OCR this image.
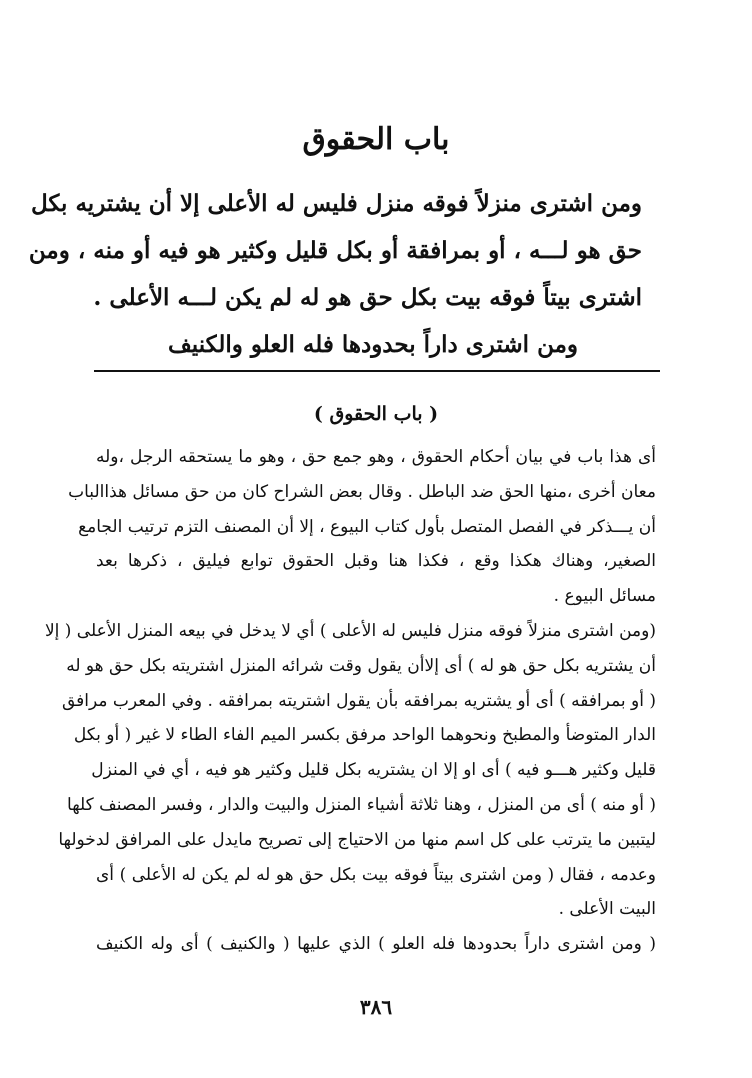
باب الحقوق
ومن اشترى منزلاً فوقه منزل فليس له الأعلى إلا أن يشتريه بكل
حق هو لـــه ، أو بمرافقة أو بكل قليل وكثير هو فيه أو منه ، ومن
اشترى بيتاً فوقه بيت بكل حق هو له لم يكن لـــه الأعلى .
ومن اشترى داراً بحدودها فله العلو والكنيف
( باب الحقوق )
أى هذا باب في بيان أحكام الحقوق ، وهو جمع حق ، وهو ما يستحقه الرجل ،وله
معان أخرى ،منها الحق ضد الباطل . وقال بعض الشراح كان من حق مسائل هذاالباب
أن يـــذكر في الفصل المتصل بأول كتاب البيوع ، إلا أن المصنف التزم ترتيب الجامع
الصغير، وهناك هكذا وقع ، فكذا هنا وقبل الحقوق توابع فيليق ، ذكرها بعد
مسائل البيوع .
(ومن اشترى منزلاً فوقه منزل فليس له الأعلى ) أي لا يدخل في بيعه المنزل الأعلى ( إلا
أن يشتريه بكل حق هو له ) أى إلاأن يقول وقت شرائه المنزل اشتريته بكل حق هو له
( أو بمرافقه ) أى أو يشتريه بمرافقه بأن يقول اشتريته بمرافقه . وفي المعرب مرافق
الدار المتوضأ والمطبخ ونحوهما الواحد مرفق بكسر الميم الفاء الطاء لا غير ( أو بكل
قليل وكثير هـــو فيه ) أى او إلا ان يشتريه بكل قليل وكثير هو فيه ، أي في المنزل
( أو منه ) أى من المنزل ، وهنا ثلاثة أشياء المنزل والبيت والدار ، وفسر المصنف كلها
ليتبين ما يترتب على كل اسم منها من الاحتياج إلى تصريح مايدل على المرافق لدخولها
وعدمه ، فقال ( ومن اشترى بيتاً فوقه بيت بكل حق هو له لم يكن له الأعلى ) أى
البيت الأعلى .
( ومن اشترى داراً بحدودها فله العلو ) الذي عليها ( والكنيف ) أى وله الكنيف
٣٨٦
